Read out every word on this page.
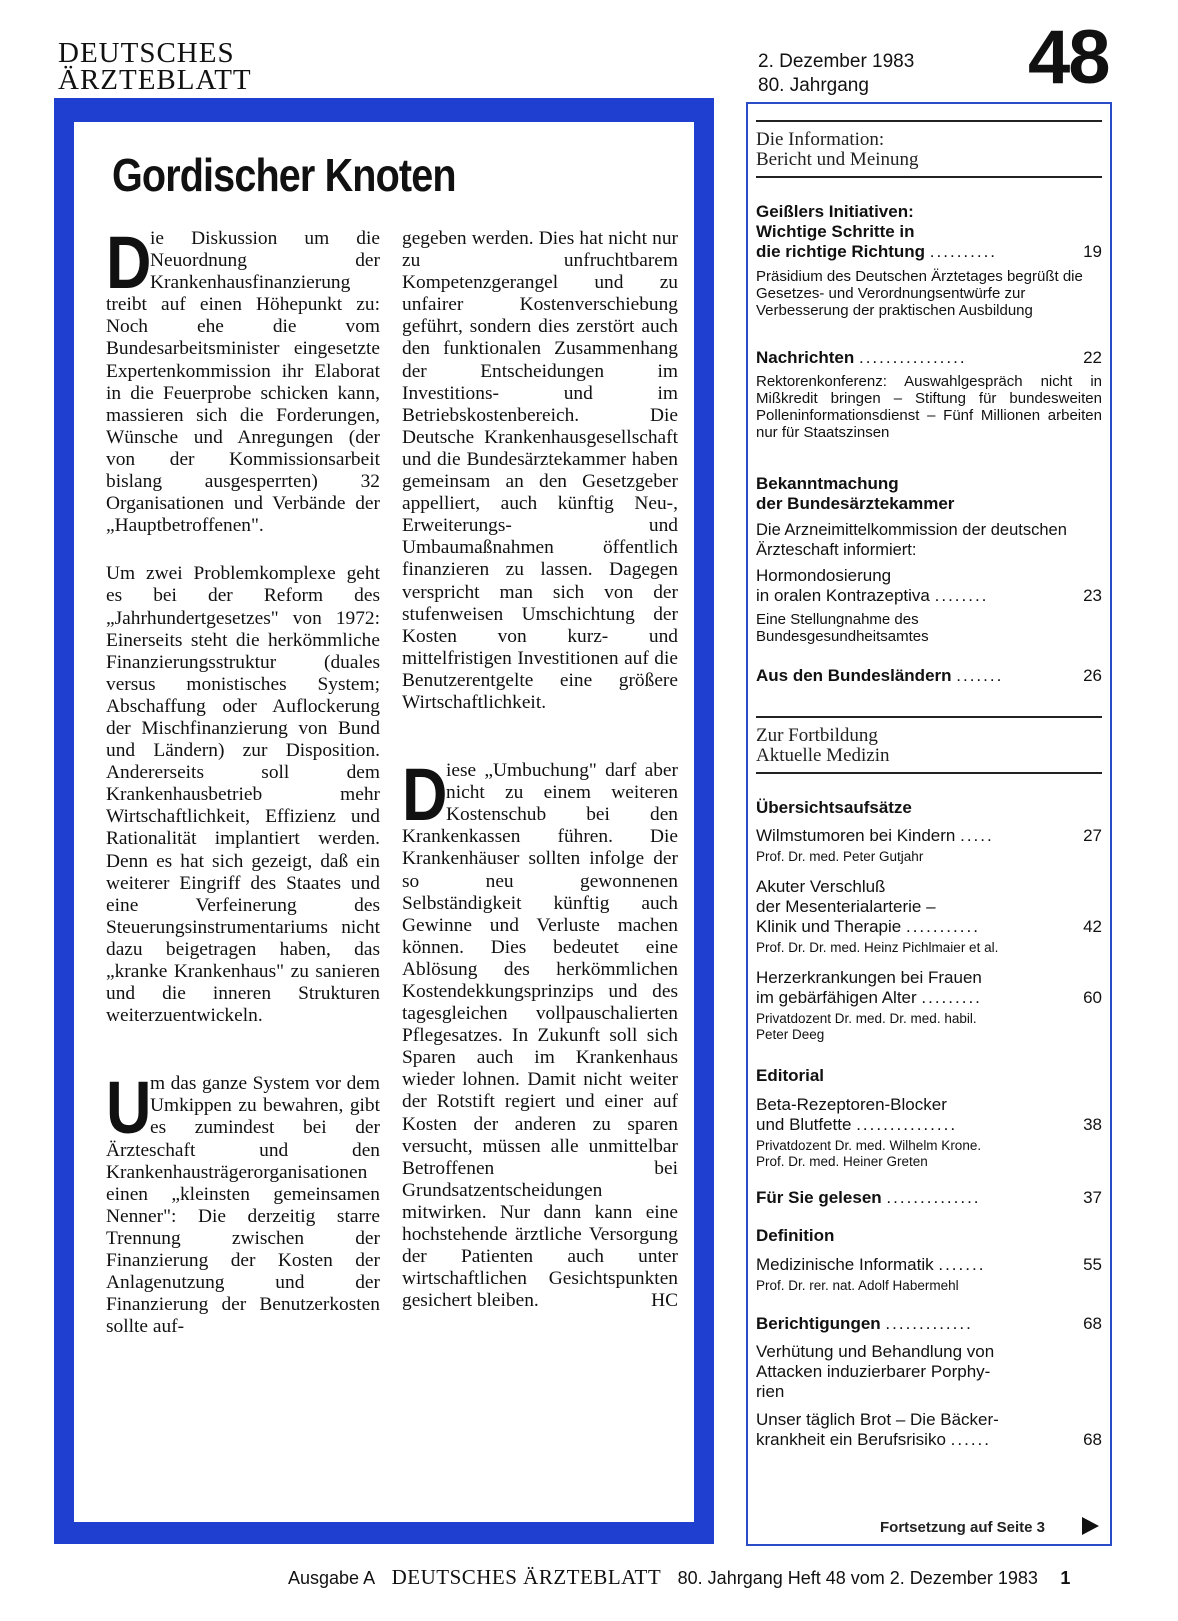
DEUTSCHES
ÄRZTEBLATT
2. Dezember 1983
80. Jahrgang	48
Gordischer Knoten

D
ie Diskussion um die Neuordnung der Krankenhausfinanzierung treibt auf einen Höhepunkt zu: Noch ehe die vom Bundesarbeitsminister eingesetzte Expertenkommission ihr Elaborat in die Feuerprobe schicken kann, massieren sich die Forderungen, Wünsche und Anregungen (der von der Kommissionsarbeit bislang ausgesperrten) 32 Organisationen und Verbände der „Hauptbetroffenen".

Um zwei Problemkomplexe geht es bei der Reform des „Jahrhundertgesetzes" von 1972: Einerseits steht die herkömmliche Finanzierungsstruktur (duales versus monistisches System; Abschaffung oder Auflockerung der Mischfinanzierung von Bund und Ländern) zur Disposition. Andererseits soll dem Krankenhausbetrieb mehr Wirtschaftlichkeit, Effizienz und Rationalität implantiert werden. Denn es hat sich gezeigt, daß ein weiterer Eingriff des Staates und eine Verfeinerung des Steuerungsinstrumentariums nicht dazu beigetragen haben, das „kranke Krankenhaus" zu sanieren und die inneren Strukturen weiterzuentwickeln.

U
m das ganze System vor dem Umkippen zu bewahren, gibt es zumindest bei der Ärzteschaft und den Krankenhausträgerorganisationen einen „kleinsten gemeinsamen Nenner": Die derzeitig starre Trennung zwischen der Finanzierung der Kosten der Anlagenutzung und der Finanzierung der Benutzerkosten sollte auf-

gegeben werden. Dies hat nicht nur zu unfruchtbarem Kompetenzgerangel und zu unfairer Kostenverschiebung geführt, sondern dies zerstört auch den funktionalen Zusammenhang der Entscheidungen im Investitions- und im Betriebskostenbereich. Die Deutsche Krankenhausgesellschaft und die Bundesärztekammer haben gemeinsam an den Gesetzgeber appelliert, auch künftig Neu-, Erweiterungs- und Umbaumaßnahmen öffentlich finanzieren zu lassen. Dagegen verspricht man sich von der stufenweisen Umschichtung der Kosten von kurz- und mittelfristigen Investitionen auf die Benutzerentgelte eine größere Wirtschaftlichkeit.

D
iese „Umbuchung" darf aber nicht zu einem weiteren Kostenschub bei den Krankenkassen führen. Die Krankenhäuser sollten infolge der so neu gewonnenen Selbständigkeit künftig auch Gewinne und Verluste machen können. Dies bedeutet eine Ablösung des herkömmlichen Kostendekkungsprinzips und des tagesgleichen vollpauschalierten Pflegesatzes. In Zukunft soll sich Sparen auch im Krankenhaus wieder lohnen. Damit nicht weiter der Rotstift regiert und einer auf Kosten der anderen zu sparen versucht, müssen alle unmittelbar Betroffenen bei Grundsatzentscheidungen mitwirken. Nur dann kann eine hochstehende ärztliche Versorgung der Patienten auch unter wirtschaftlichen Gesichtspunkten gesichert bleiben.	HC

Die Information:
Bericht und Meinung
Geißlers Initiativen:
Wichtige Schritte in
die richtige Richtung ..........	19
Präsidium des Deutschen Ärztetages begrüßt die Gesetzes- und Verordnungsentwürfe zur Verbesserung der praktischen Ausbildung
Nachrichten ................	22
Rektorenkonferenz: Auswahlgespräch nicht in Mißkredit bringen – Stiftung für bundesweiten Polleninformationsdienst – Fünf Millionen arbeiten nur für Staatszinsen
Bekanntmachung
der Bundesärztekammer
Die Arzneimittelkommission der deutschen Ärzteschaft informiert:
Hormondosierung
in oralen Kontrazeptiva ........	23
Eine Stellungnahme des Bundesgesundheitsamtes
Aus den Bundesländern .......	26
Zur Fortbildung
Aktuelle Medizin
Übersichtsaufsätze
Wilmstumoren bei Kindern .....	27
Prof. Dr. med. Peter Gutjahr
Akuter Verschluß
der Mesenterialarterie –
Klinik und Therapie ...........	42
Prof. Dr. Dr. med. Heinz Pichlmaier et al.
Herzerkrankungen bei Frauen
im gebärfähigen Alter .........	60
Privatdozent Dr. med. Dr. med. habil.
Peter Deeg
Editorial
Beta-Rezeptoren-Blocker
und Blutfette ...............	38
Privatdozent Dr. med. Wilhelm Krone.
Prof. Dr. med. Heiner Greten
Für Sie gelesen ..............	37
Definition
Medizinische Informatik .......	55
Prof. Dr. rer. nat. Adolf Habermehl
Berichtigungen .............	68
Verhütung und Behandlung von
Attacken induzierbarer Porphy-
rien
Unser täglich Brot – Die Bäcker-
krankheit ein Berufsrisiko ......	68
Fortsetzung auf Seite 3
Ausgabe A DEUTSCHES ÄRZTEBLATT 80. Jahrgang Heft 48 vom 2. Dezember 1983 1
